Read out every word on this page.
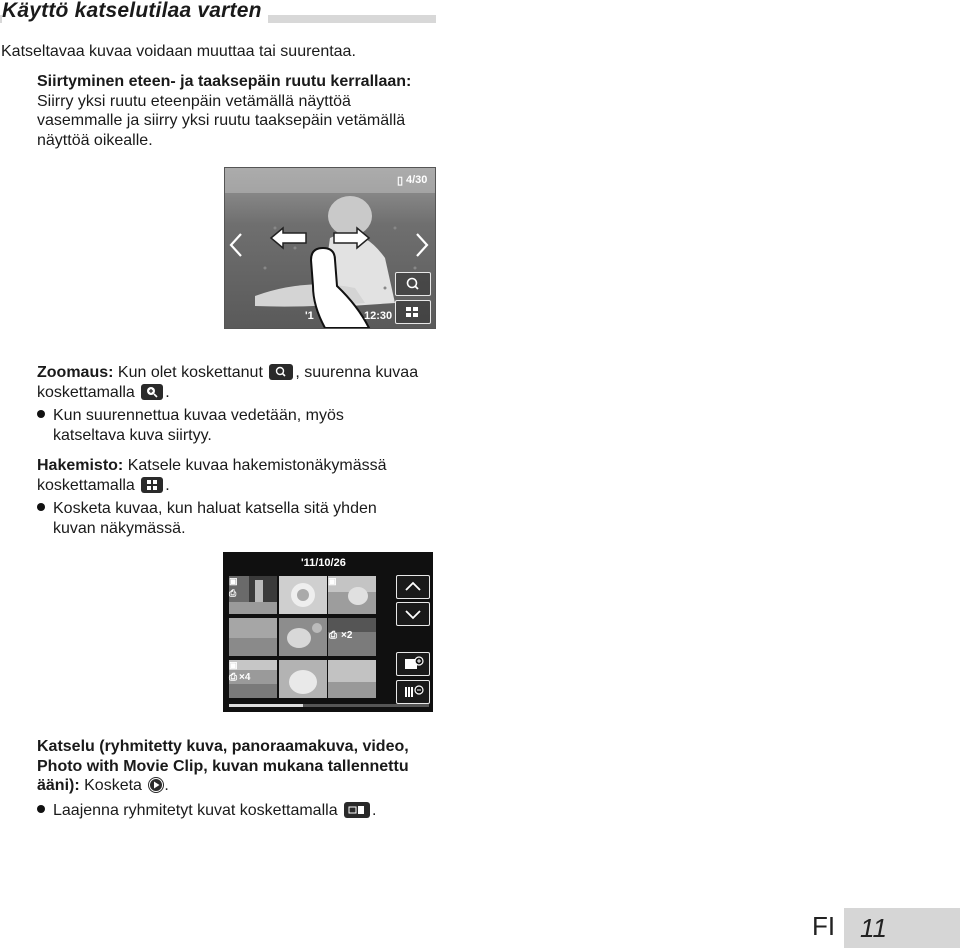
Käyttö katselutilaa varten

Katseltavaa kuvaa voidaan muuttaa tai suurentaa.

Siirtyminen eteen- ja taaksepäin ruutu kerrallaan:

Siirry yksi ruutu eteenpäin vetämällä näyttöä

vasemmalle ja siirry yksi ruutu taaksepäin vetämällä

näyttöä oikealle.

▯ 4/30
'1	6 12:30

Zoomaus: Kun olet koskettanut , suurenna kuvaa

koskettamalla .

Kun suurennettua kuvaa vedetään, myös

katseltava kuva siirtyy.

Hakemisto: Katsele kuvaa hakemistonäkymässä

koskettamalla .

Kosketa kuvaa, kun haluat katsella sitä yhden

kuvan näkymässä.

'11/10/26
▣
⎙
▣
⎙ ×2
▣
⎙ ×4

Katselu (ryhmitetty kuva, panoraamakuva, video,

Photo with Movie Clip, kuvan mukana tallennettu

ääni): Kosketa .

Laajenna ryhmitetyt kuvat koskettamalla .

FI 11
